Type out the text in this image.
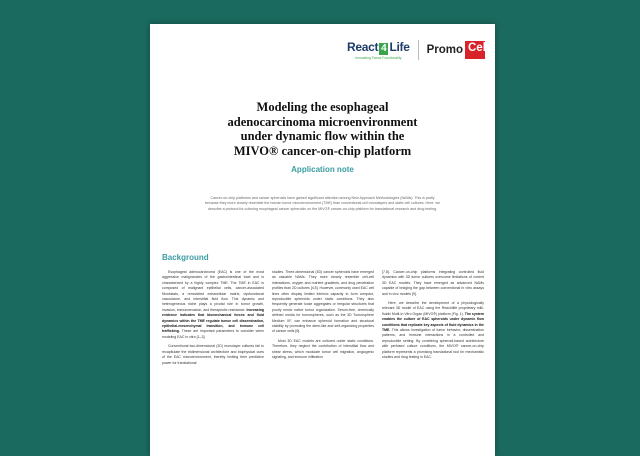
React 4 Life
Innovating Tissue Functionality
Promo Cell
Modeling the esophageal
adenocarcinoma microenvironment
under dynamic flow within the
MIVO® cancer-on-chip platform
Application note
Cancer-on-chip platforms and cancer spheroids have gained significant attention among New Approach Methodologies (NAMs). This is partly because they more closely resemble the human tumor microenvironment (TME) than conventional cell monolayers and static cell cultures. Here, we describe a protocol for culturing esophageal cancer spheroids on the MIVO® cancer-on-chip platform for translational research and drug testing.
Background

Esophageal adenocarcinoma (EAC) is one of the most aggressive malignancies of the gastrointestinal tract and is characterized by a highly complex TME. The TME in EAC is composed of malignant epithelial cells, cancer-associated fibroblasts, a remodeled extracellular matrix, dysfunctional vasculature, and interstitial fluid flow. This dynamic and heterogeneous niche plays a pivotal role in tumor growth, invasion, immunoevasion, and therapeutic resistance. Increasing evidence indicates that biomechanical forces and fluid dynamics within the TME regulate tumor cell dissemination, epithelial-mesenchymal transition, and immune cell trafficking. These are important parameters to consider when modeling EAC in vitro [1–3].

Conventional two-dimensional (2D) monolayer cultures fail to recapitulate the tridimensional architecture and biophysical cues of the EAC microenvironment, thereby limiting their predictive power for translational

studies. Three-dimensional (3D) cancer spheroids have emerged as valuable NAMs. They more closely resemble cell-cell interactions, oxygen and nutrient gradients, and drug penetration profiles than 2D cultures [4,5]. However, commonly used EAC cell lines often display limited intrinsic capacity to form compact, reproducible spheroids under static conditions. They also frequently generate loose aggregates or irregular structures that poorly mimic native tumor organization. Serum-free, chemically defined media for tumorspheres, such as the 3D Tumorsphere Medium XF, can enhance spheroid formation and structural stability by promoting the stem-like and self-organizing properties of cancer cells [6].

Most 3D EAC models are cultured under static conditions. Therefore, they neglect the contribution of interstitial flow and shear stress, which modulate tumor cell migration, angiogenic signaling, and immune infiltration

[7,8]. Cancer-on-chip platforms integrating controlled fluid dynamics with 3D tumor cultures overcome limitations of current 3D EAC models. They have emerged as advanced NAMs capable of bridging the gap between conventional in vitro assays and in vivo models [9].

Here, we describe the development of a physiologically relevant 3D model of EAC using the React4life proprietary milli-fluidic Multi-In Vitro Organ (MIVO®) platform (Fig. 1). The system enables the culture of EAC spheroids under dynamic flow conditions that replicate key aspects of fluid dynamics in the TME. This allows investigation of tumor behavior, dissemination patterns, and immune interactions in a controlled and reproducible setting. By combining spheroid-based architecture with perfused culture conditions, the MIVO® cancer-on-chip platform represents a promising translational tool for mechanistic studies and drug testing in EAC.
